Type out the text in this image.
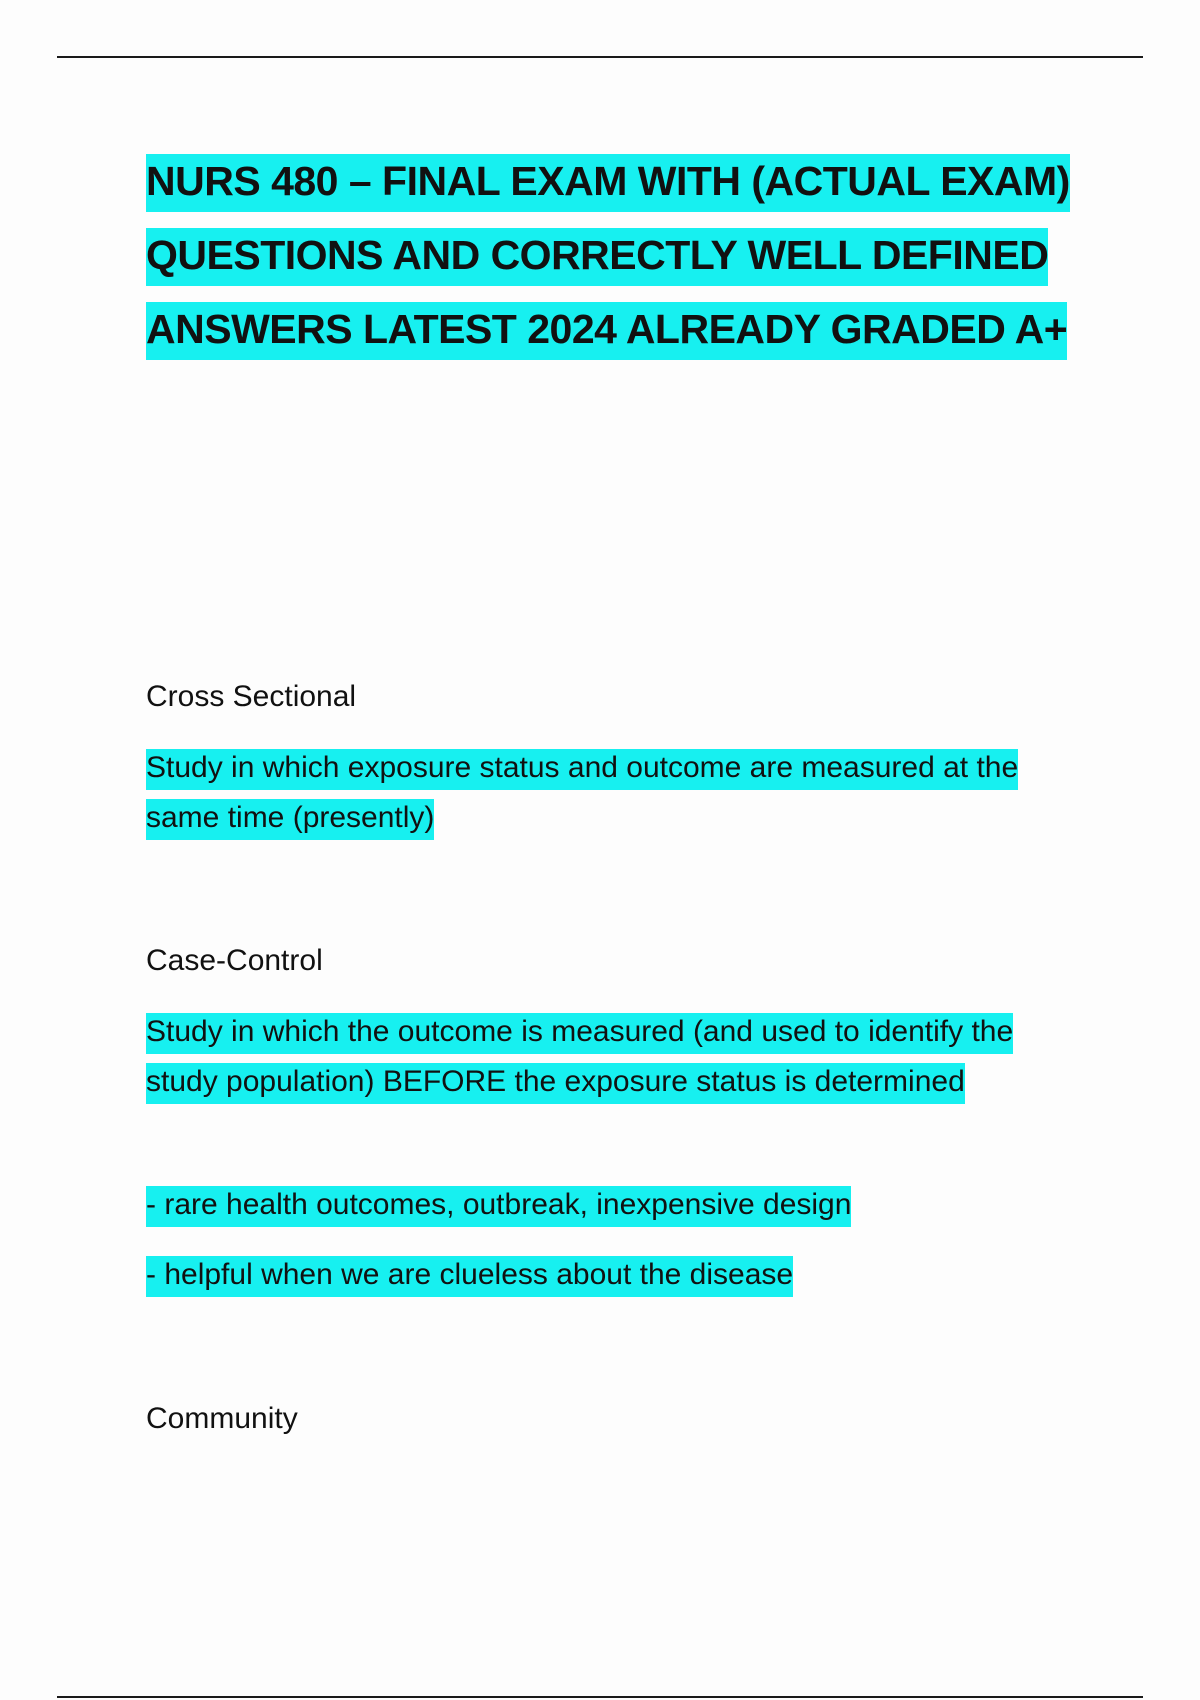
NURS 480 – FINAL EXAM WITH (ACTUAL EXAM) QUESTIONS AND CORRECTLY WELL DEFINED ANSWERS LATEST 2024 ALREADY GRADED A+

Cross Sectional

Study in which exposure status and outcome are measured at the same time (presently)

Case-Control

Study in which the outcome is measured (and used to identify the study population) BEFORE the exposure status is determined

- rare health outcomes, outbreak, inexpensive design

- helpful when we are clueless about the disease

Community
